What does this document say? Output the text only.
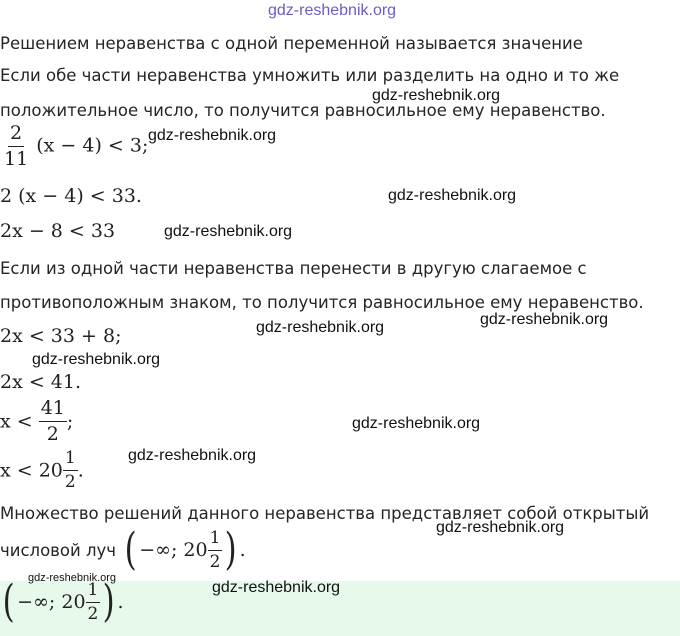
gdz-reshebnik.org
gdz-reshebnik.org
gdz-reshebnik.org
gdz-reshebnik.org
gdz-reshebnik.org
gdz-reshebnik.org	gdz-reshebnik.org
gdz-reshebnik.org
gdz-reshebnik.org
gdz-reshebnik.org
gdz-reshebnik.org
gdz-reshebnik.org
gdz-reshebnik.org
Решением неравенства с одной переменной называется значение
Если обе части неравенства умножить или разделить на одно и то же
положительное число, то получится равносильное ему неравенство.
$\frac{2}{11} (x - 4) < 3$;
2 (x − 4) < 33.
2x − 8 < 33
Если из одной части неравенства перенести в другую слагаемое с
противоположным знаком, то получится равносильное ему неравенство.
2x < 33 + 8;
2x < 41.
$x < \frac{41}{2}$ ;
$x < 20 \frac{1}{2}$ .
Множество решений данного неравенства представляет собой открытый
числовой луч ( −∞; $20 \frac{1}{2}$ ) .
( −∞; $20 \frac{1}{2}$ ) .
